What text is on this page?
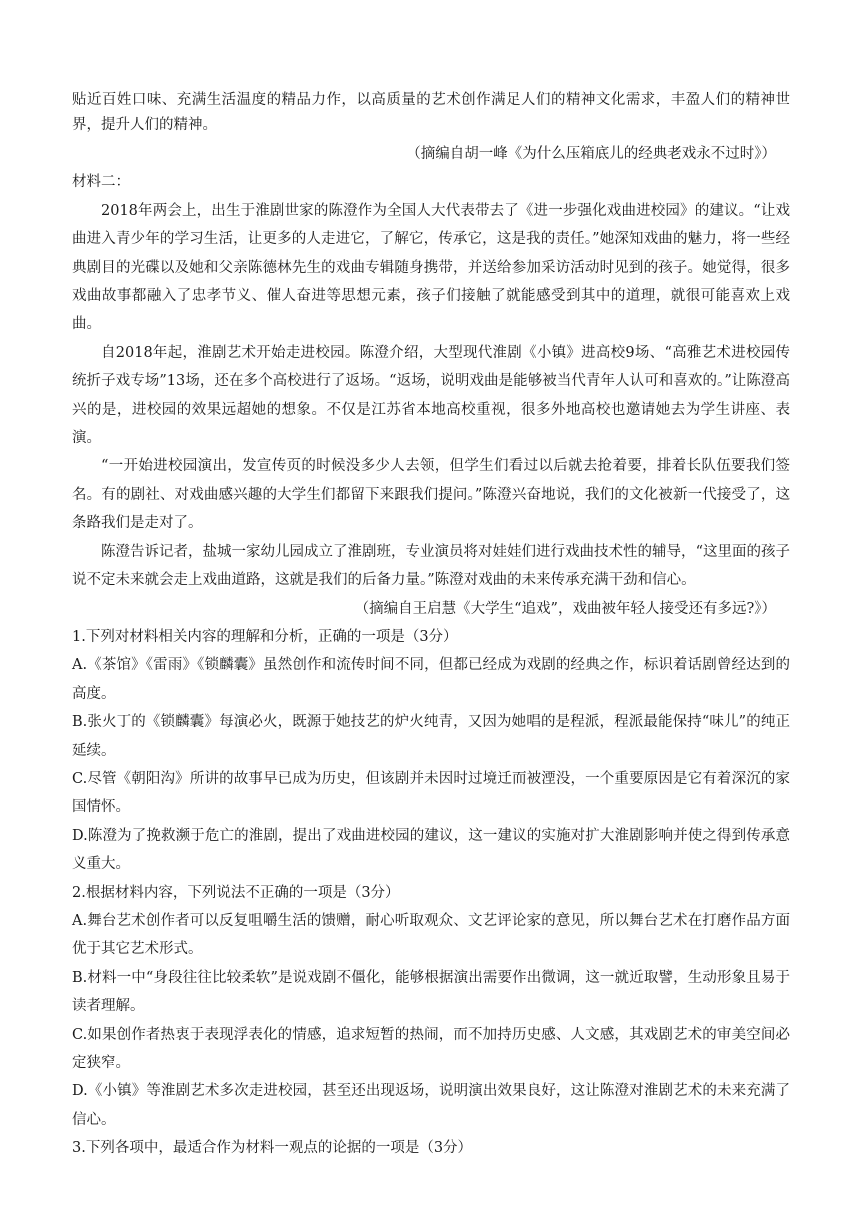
贴近百姓口味、充满生活温度的精品力作，以高质量的艺术创作满足人们的精神文化需求，丰盈人们的精神世界，提升人们的精神。

（摘编自胡一峰《为什么压箱底儿的经典老戏永不过时》）

材料二：

2018年两会上，出生于淮剧世家的陈澄作为全国人大代表带去了《进一步强化戏曲进校园》的建议。“让戏曲进入青少年的学习生活，让更多的人走进它，了解它，传承它，这是我的责任。”她深知戏曲的魅力，将一些经典剧目的光碟以及她和父亲陈德林先生的戏曲专辑随身携带，并送给参加采访活动时见到的孩子。她觉得，很多戏曲故事都融入了忠孝节义、催人奋进等思想元素，孩子们接触了就能感受到其中的道理，就很可能喜欢上戏曲。

自2018年起，淮剧艺术开始走进校园。陈澄介绍，大型现代淮剧《小镇》进高校9场、“高雅艺术进校园传统折子戏专场”13场，还在多个高校进行了返场。“返场，说明戏曲是能够被当代青年人认可和喜欢的。”让陈澄高兴的是，进校园的效果远超她的想象。不仅是江苏省本地高校重视，很多外地高校也邀请她去为学生讲座、表演。

“一开始进校园演出，发宣传页的时候没多少人去领，但学生们看过以后就去抢着要，排着长队伍要我们签名。有的剧社、对戏曲感兴趣的大学生们都留下来跟我们提问。”陈澄兴奋地说，我们的文化被新一代接受了，这条路我们是走对了。

陈澄告诉记者，盐城一家幼儿园成立了淮剧班，专业演员将对娃娃们进行戏曲技术性的辅导，“这里面的孩子说不定未来就会走上戏曲道路，这就是我们的后备力量。”陈澄对戏曲的未来传承充满干劲和信心。

（摘编自王启慧《大学生“追戏”，戏曲被年轻人接受还有多远?》）

1.下列对材料相关内容的理解和分析，正确的一项是（3分）

A.《茶馆》《雷雨》《锁麟囊》虽然创作和流传时间不同，但都已经成为戏剧的经典之作，标识着话剧曾经达到的高度。

B.张火丁的《锁麟囊》每演必火，既源于她技艺的炉火纯青，又因为她唱的是程派，程派最能保持“味儿”的纯正延续。

C.尽管《朝阳沟》所讲的故事早已成为历史，但该剧并未因时过境迁而被湮没，一个重要原因是它有着深沉的家国情怀。

D.陈澄为了挽救濒于危亡的淮剧，提出了戏曲进校园的建议，这一建议的实施对扩大淮剧影响并使之得到传承意义重大。

2.根据材料内容，下列说法不正确的一项是（3分）

A.舞台艺术创作者可以反复咀嚼生活的馈赠，耐心听取观众、文艺评论家的意见，所以舞台艺术在打磨作品方面优于其它艺术形式。

B.材料一中“身段往往比较柔软”是说戏剧不僵化，能够根据演出需要作出微调，这一就近取譬，生动形象且易于读者理解。

C.如果创作者热衷于表现浮表化的情感，追求短暂的热闹，而不加持历史感、人文感，其戏剧艺术的审美空间必定狭窄。

D.《小镇》等淮剧艺术多次走进校园，甚至还出现返场，说明演出效果良好，这让陈澄对淮剧艺术的未来充满了信心。

3.下列各项中，最适合作为材料一观点的论据的一项是（3分）
